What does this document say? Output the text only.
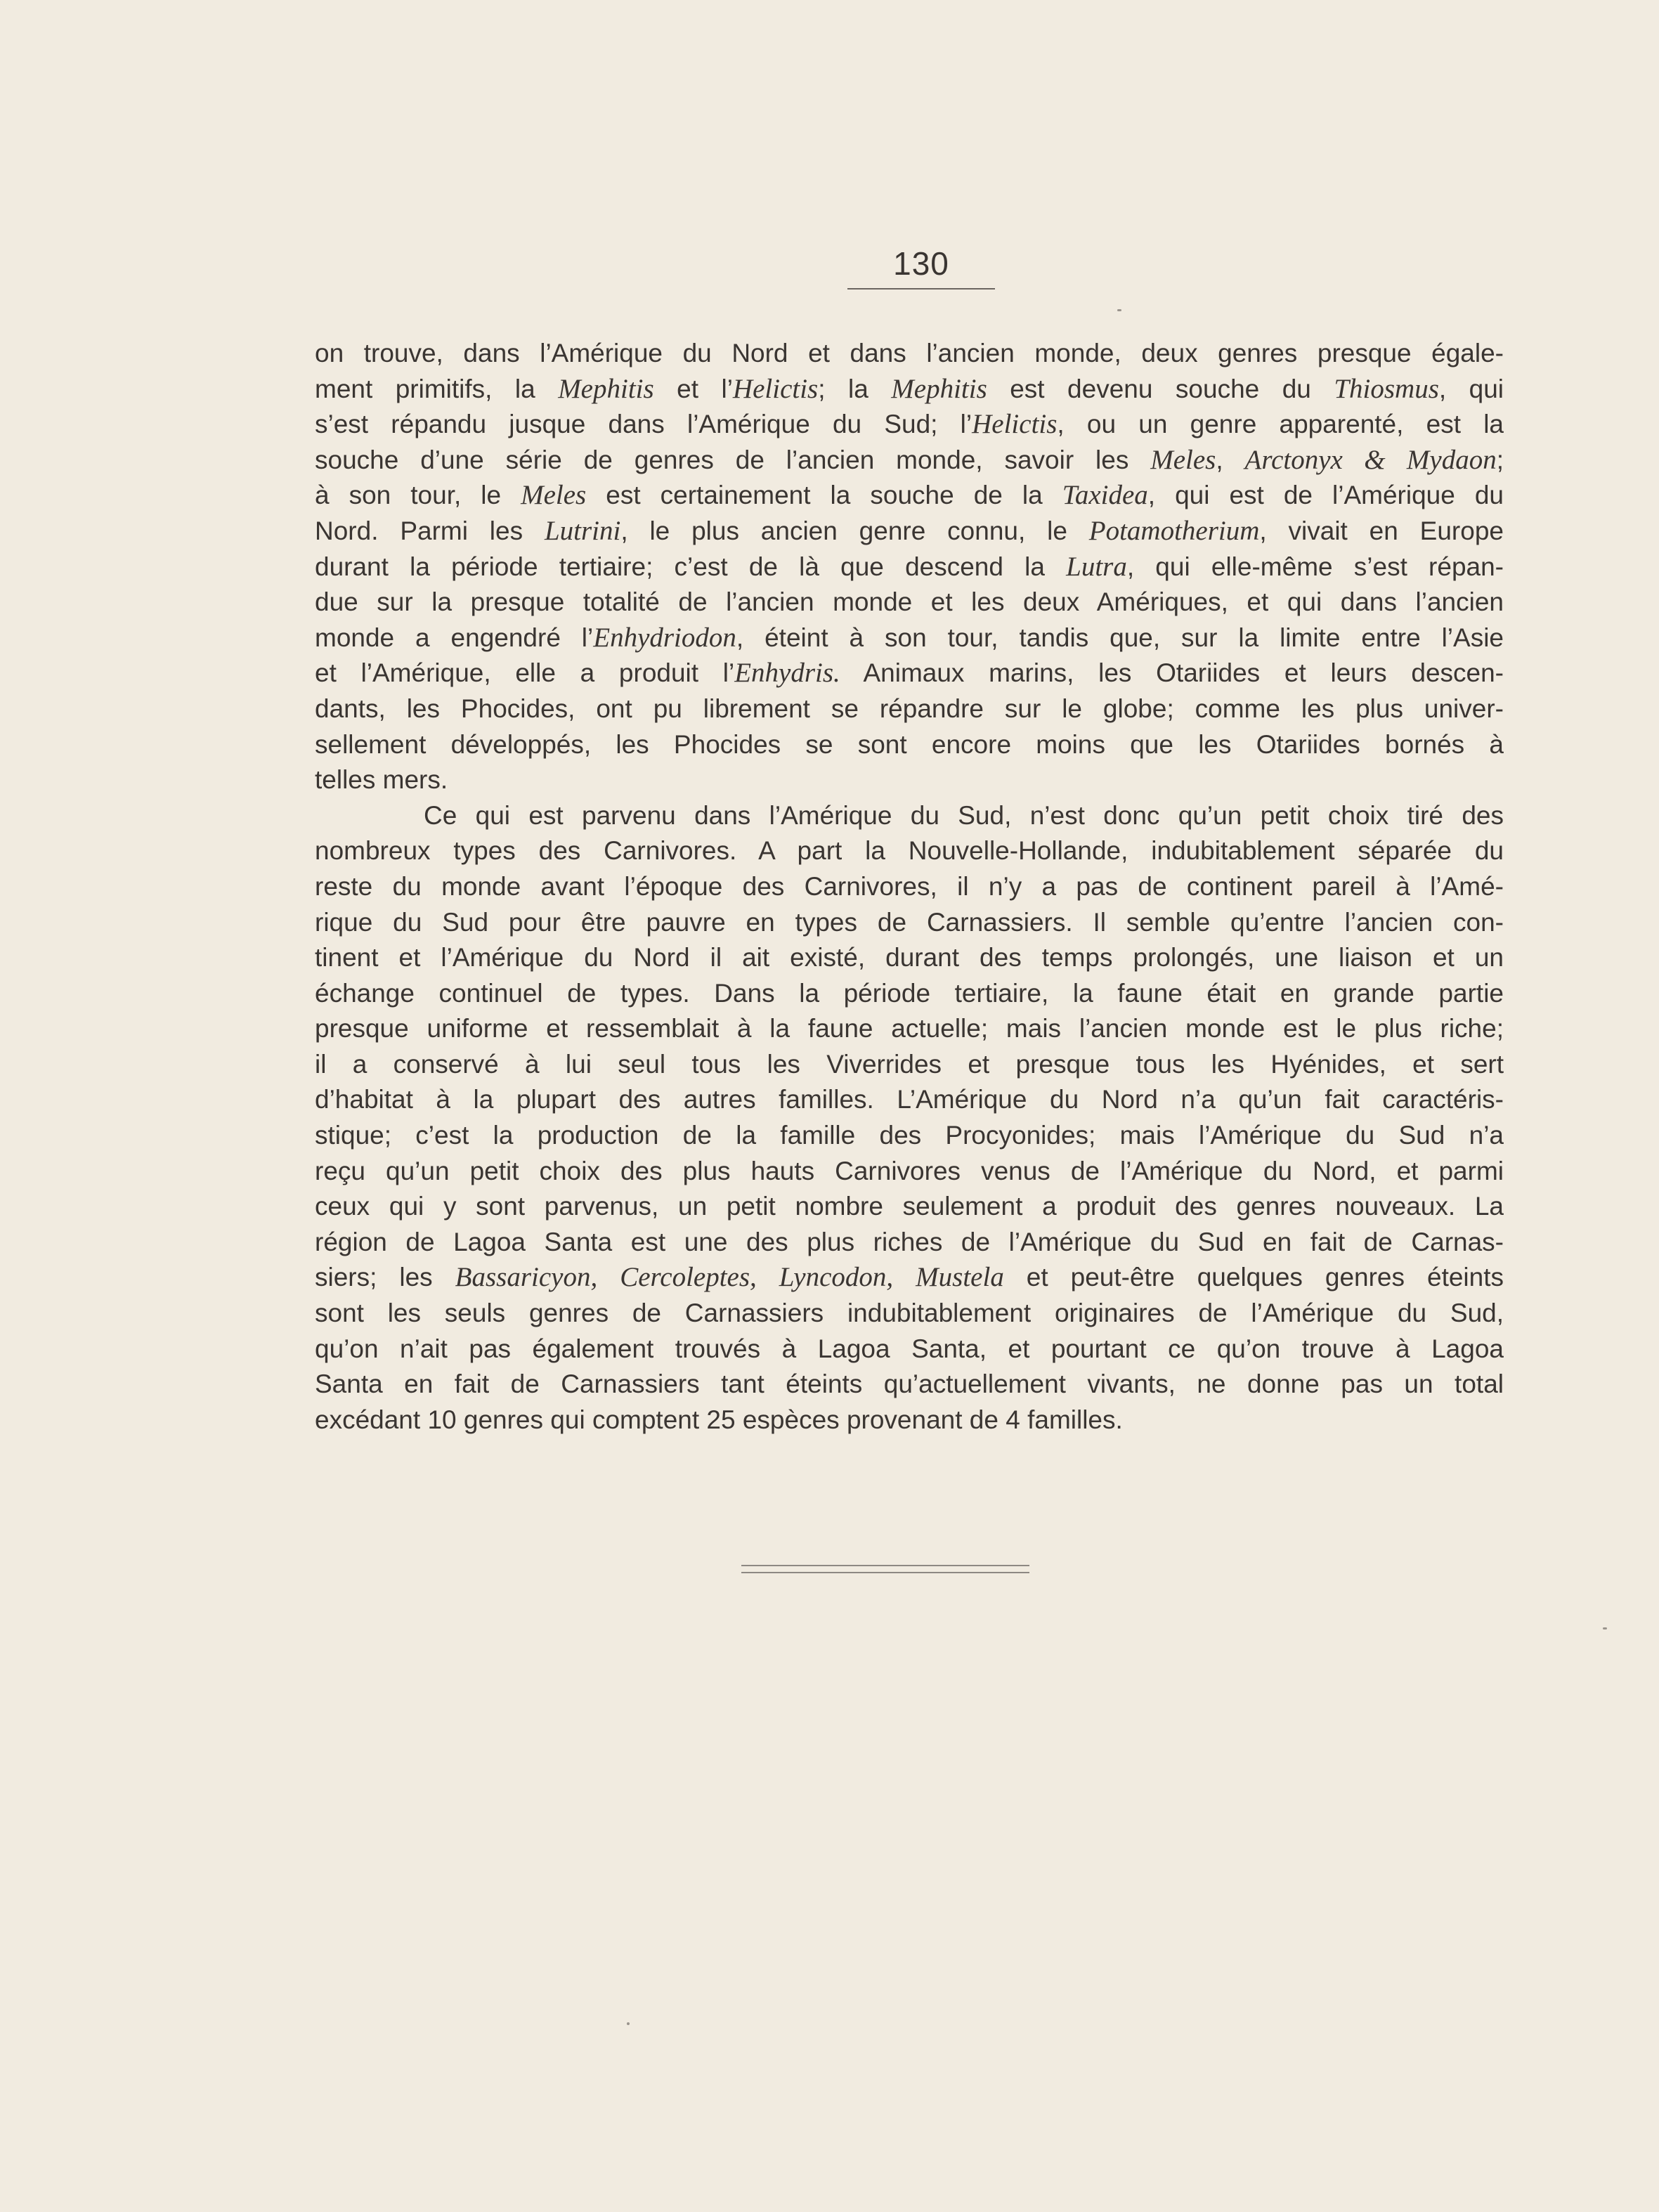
130
on trouve, dans l’Amérique du Nord et dans l’ancien monde, deux genres presque égale-
ment primitifs, la Mephitis et l’Helictis; la Mephitis est devenu souche du Thiosmus, qui
s’est répandu jusque dans l’Amérique du Sud; l’Helictis, ou un genre apparenté, est la
souche d’une série de genres de l’ancien monde, savoir les Meles, Arctonyx & Mydaon;
à son tour, le Meles est certainement la souche de la Taxidea, qui est de l’Amérique du
Nord. Parmi les Lutrini, le plus ancien genre connu, le Potamotherium, vivait en Europe
durant la période tertiaire; c’est de là que descend la Lutra, qui elle-même s’est répan-
due sur la presque totalité de l’ancien monde et les deux Amériques, et qui dans l’ancien
monde a engendré l’Enhydriodon, éteint à son tour, tandis que, sur la limite entre l’Asie
et l’Amérique, elle a produit l’Enhydris. Animaux marins, les Otariides et leurs descen-
dants, les Phocides, ont pu librement se répandre sur le globe; comme les plus univer-
sellement développés, les Phocides se sont encore moins que les Otariides bornés à
telles mers.
Ce qui est parvenu dans l’Amérique du Sud, n’est donc qu’un petit choix tiré des
nombreux types des Carnivores. A part la Nouvelle-Hollande, indubitablement séparée du
reste du monde avant l’époque des Carnivores, il n’y a pas de continent pareil à l’Amé-
rique du Sud pour être pauvre en types de Carnassiers. Il semble qu’entre l’ancien con-
tinent et l’Amérique du Nord il ait existé, durant des temps prolongés, une liaison et un
échange continuel de types. Dans la période tertiaire, la faune était en grande partie
presque uniforme et ressemblait à la faune actuelle; mais l’ancien monde est le plus riche;
il a conservé à lui seul tous les Viverrides et presque tous les Hyénides, et sert
d’habitat à la plupart des autres familles. L’Amérique du Nord n’a qu’un fait caractéris-
stique; c’est la production de la famille des Procyonides; mais l’Amérique du Sud n’a
reçu qu’un petit choix des plus hauts Carnivores venus de l’Amérique du Nord, et parmi
ceux qui y sont parvenus, un petit nombre seulement a produit des genres nouveaux. La
région de Lagoa Santa est une des plus riches de l’Amérique du Sud en fait de Carnas-
siers; les Bassaricyon, Cercoleptes, Lyncodon, Mustela et peut-être quelques genres éteints
sont les seuls genres de Carnassiers indubitablement originaires de l’Amérique du Sud,
qu’on n’ait pas également trouvés à Lagoa Santa, et pourtant ce qu’on trouve à Lagoa
Santa en fait de Carnassiers tant éteints qu’actuellement vivants, ne donne pas un total
excédant 10 genres qui comptent 25 espèces provenant de 4 familles.
